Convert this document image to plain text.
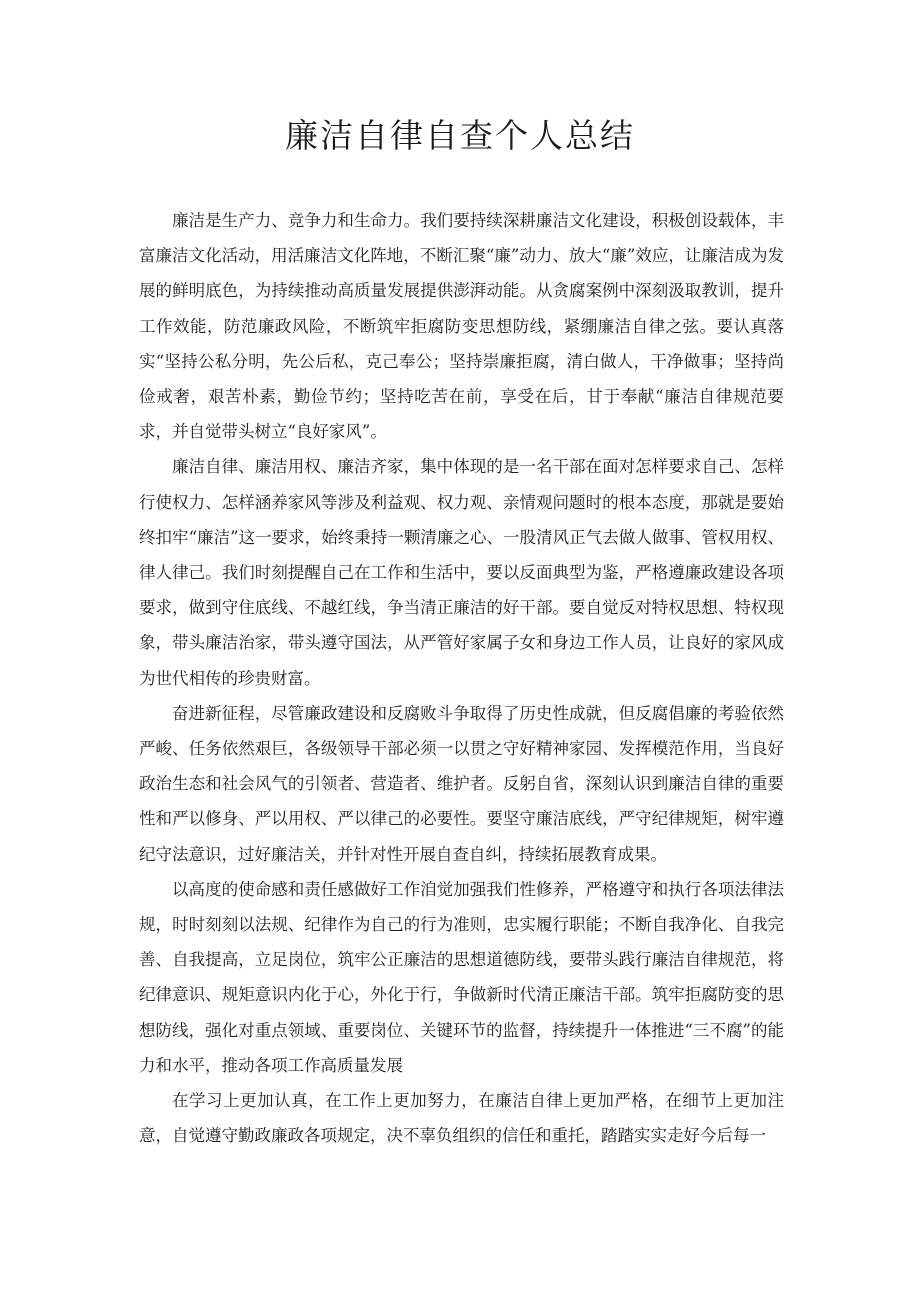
廉洁自律自查个人总结

廉洁是生产力、竞争力和生命力。我们要持续深耕廉洁文化建设，积极创设载体，丰富廉洁文化活动，用活廉洁文化阵地，不断汇聚“廉”动力、放大“廉”效应，让廉洁成为发展的鲜明底色，为持续推动高质量发展提供澎湃动能。从贪腐案例中深刻汲取教训，提升工作效能，防范廉政风险，不断筑牢拒腐防变思想防线，紧绷廉洁自律之弦。要认真落实“坚持公私分明，先公后私，克己奉公；坚持崇廉拒腐，清白做人，干净做事；坚持尚俭戒奢，艰苦朴素，勤俭节约；坚持吃苦在前，享受在后，甘于奉献“廉洁自律规范要求，并自觉带头树立“良好家风”。

廉洁自律、廉洁用权、廉洁齐家，集中体现的是一名干部在面对怎样要求自己、怎样行使权力、怎样涵养家风等涉及利益观、权力观、亲情观问题时的根本态度，那就是要始终扣牢“廉洁”这一要求，始终秉持一颗清廉之心、一股清风正气去做人做事、管权用权、律人律己。我们时刻提醒自己在工作和生活中，要以反面典型为鉴，严格遵廉政建设各项要求，做到守住底线、不越红线，争当清正廉洁的好干部。要自觉反对特权思想、特权现象，带头廉洁治家，带头遵守国法，从严管好家属子女和身边工作人员，让良好的家风成为世代相传的珍贵财富。

奋进新征程，尽管廉政建设和反腐败斗争取得了历史性成就，但反腐倡廉的考验依然严峻、任务依然艰巨，各级领导干部必须一以贯之守好精神家园、发挥模范作用，当良好政治生态和社会风气的引领者、营造者、维护者。反躬自省，深刻认识到廉洁自律的重要性和严以修身、严以用权、严以律己的必要性。要坚守廉洁底线，严守纪律规矩，树牢遵纪守法意识，过好廉洁关，并针对性开展自查自纠，持续拓展教育成果。

以高度的使命感和责任感做好工作洎觉加强我们性修养，严格遵守和执行各项法律法规，时时刻刻以法规、纪律作为自己的行为准则，忠实履行职能；不断自我净化、自我完善、自我提高，立足岗位，筑牢公正廉洁的思想道德防线，要带头践行廉洁自律规范，将纪律意识、规矩意识内化于心，外化于行，争做新时代清正廉洁干部。筑牢拒腐防变的思想防线，强化对重点领域、重要岗位、关键环节的监督，持续提升一体推进“三不腐”的能力和水平，推动各项工作高质量发展

在学习上更加认真，在工作上更加努力，在廉洁自律上更加严格，在细节上更加注意，自觉遵守勤政廉政各项规定，决不辜负组织的信任和重托，踏踏实实走好今后每一
